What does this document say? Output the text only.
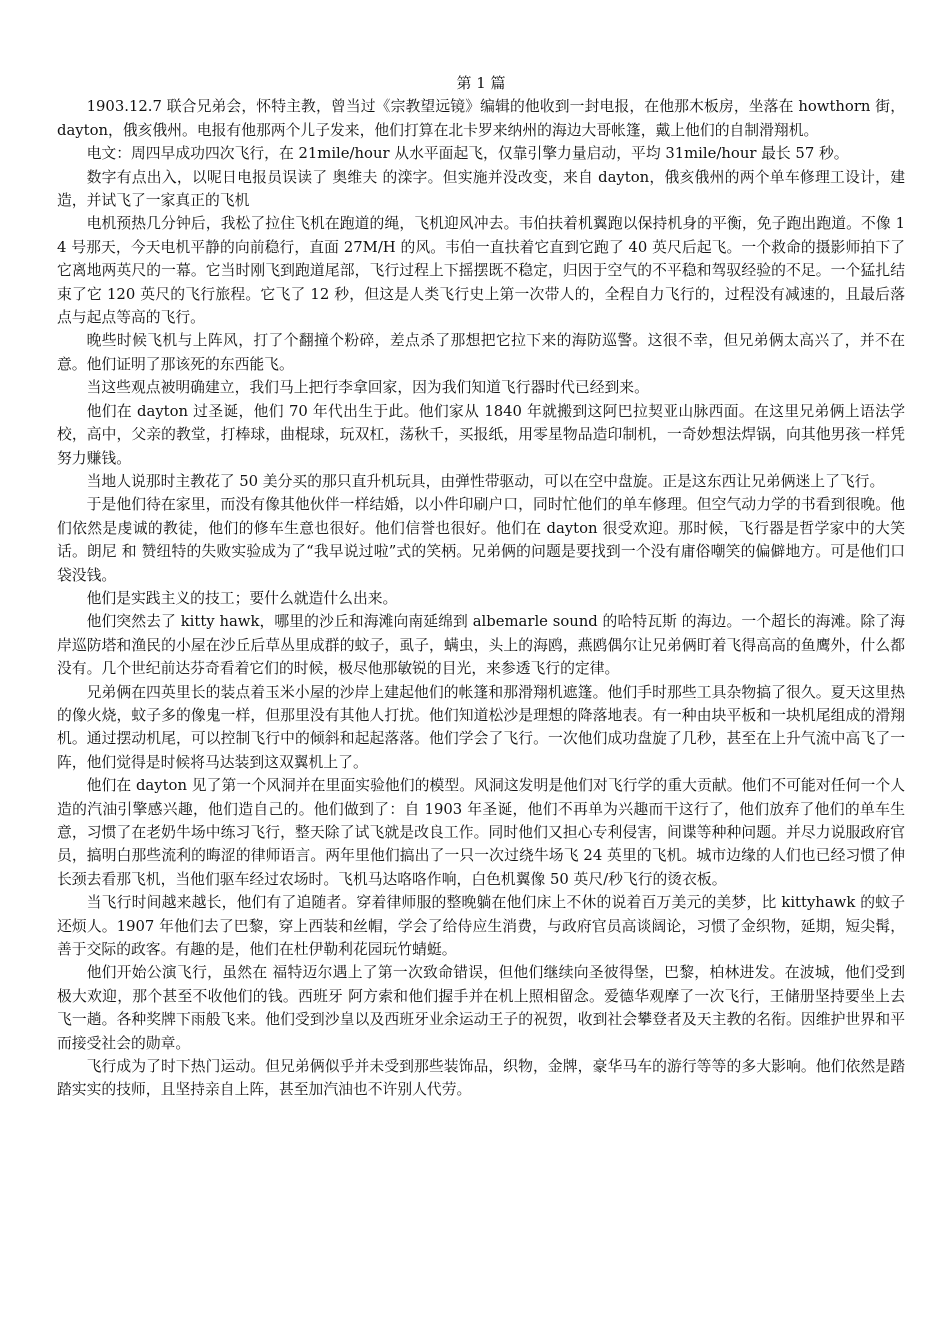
第 1 篇

1903.12.7 联合兄弟会，怀特主教，曾当过《宗教望远镜》编辑的他收到一封电报，在他那木板房，坐落在 howthorn 街，dayton，俄亥俄州。电报有他那两个儿子发来，他们打算在北卡罗来纳州的海边大哥帐篷，戴上他们的自制滑翔机。

电文：周四早成功四次飞行，在 21mile/hour 从水平面起飞，仅靠引擎力量启动，平均 31mile/hour 最长 57 秒。

数字有点出入，以呢日电报员误读了 奥维夫 的滦字。但实施并没改变，来自 dayton，俄亥俄州的两个单车修理工设计，建造，并试飞了一家真正的飞机

电机预热几分钟后，我松了拉住飞机在跑道的绳，飞机迎风冲去。韦伯扶着机翼跑以保持机身的平衡，免子跑出跑道。不像 14 号那天，今天电机平静的向前稳行，直面 27M/H 的风。韦伯一直扶着它直到它跑了 40 英尺后起飞。一个救命的摄影师拍下了它离地两英尺的一幕。它当时刚飞到跑道尾部，飞行过程上下摇摆既不稳定，归因于空气的不平稳和驾驭经验的不足。一个猛扎结束了它 120 英尺的飞行旅程。它飞了 12 秒，但这是人类飞行史上第一次带人的，全程自力飞行的，过程没有减速的，且最后落点与起点等高的飞行。

晚些时候飞机与上阵风，打了个翻撞个粉碎，差点杀了那想把它拉下来的海防巡警。这很不幸，但兄弟俩太高兴了，并不在意。他们证明了那该死的东西能飞。

当这些观点被明确建立，我们马上把行李拿回家，因为我们知道飞行器时代已经到来。

他们在 dayton 过圣诞，他们 70 年代出生于此。他们家从 1840 年就搬到这阿巴拉契亚山脉西面。在这里兄弟俩上语法学校，高中，父亲的教堂，打棒球，曲棍球，玩双杠，荡秋千，买报纸，用零星物品造印制机，一奇妙想法焊锅，向其他男孩一样凭努力赚钱。

当地人说那时主教花了 50 美分买的那只直升机玩具，由弹性带驱动，可以在空中盘旋。正是这东西让兄弟俩迷上了飞行。

于是他们待在家里，而没有像其他伙伴一样结婚，以小件印刷户口，同时忙他们的单车修理。但空气动力学的书看到很晚。他们依然是虔诚的教徒，他们的修车生意也很好。他们信誉也很好。他们在 dayton 很受欢迎。那时候，飞行器是哲学家中的大笑话。朗尼 和 赞纽特的失败实验成为了“我早说过啦”式的笑柄。兄弟俩的问题是要找到一个没有庸俗嘲笑的偏僻地方。可是他们口袋没钱。

他们是实践主义的技工；要什么就造什么出来。

他们突然去了 kitty hawk，哪里的沙丘和海滩向南延绵到 albemarle sound 的哈特瓦斯 的海边。一个超长的海滩。除了海岸巡防塔和渔民的小屋在沙丘后草丛里成群的蚊子，虱子，螨虫，头上的海鸥，燕鸥偶尔让兄弟俩盯着飞得高高的鱼鹰外，什么都没有。几个世纪前达芬奇看着它们的时候，极尽他那敏锐的目光，来参透飞行的定律。

兄弟俩在四英里长的装点着玉米小屋的沙岸上建起他们的帐篷和那滑翔机遮篷。他们手时那些工具杂物搞了很久。夏天这里热的像火烧，蚊子多的像鬼一样，但那里没有其他人打扰。他们知道松沙是理想的降落地表。有一种由块平板和一块机尾组成的滑翔机。通过摆动机尾，可以控制飞行中的倾斜和起起落落。他们学会了飞行。一次他们成功盘旋了几秒，甚至在上升气流中高飞了一阵，他们觉得是时候将马达装到这双翼机上了。

他们在 dayton 见了第一个风洞并在里面实验他们的模型。风洞这发明是他们对飞行学的重大贡献。他们不可能对任何一个人造的汽油引擎感兴趣，他们造自己的。他们做到了：自 1903 年圣诞，他们不再单为兴趣而干这行了，他们放弃了他们的单车生意，习惯了在老奶牛场中练习飞行，整天除了试飞就是改良工作。同时他们又担心专利侵害，间谍等种种问题。并尽力说服政府官员，搞明白那些流利的晦涩的律师语言。两年里他们搞出了一只一次过绕牛场飞 24 英里的飞机。城市边缘的人们也已经习惯了伸长颈去看那飞机，当他们驱车经过农场时。飞机马达咯咯作响，白色机翼像 50 英尺/秒飞行的烫衣板。

当飞行时间越来越长，他们有了追随者。穿着律师服的整晚躺在他们床上不休的说着百万美元的美梦，比 kittyhawk 的蚊子还烦人。1907 年他们去了巴黎，穿上西装和丝帽，学会了给侍应生消费，与政府官员高谈阔论，习惯了金织物，延期，短尖髯，善于交际的政客。有趣的是，他们在杜伊勒利花园玩竹蜻蜓。

他们开始公演飞行，虽然在 福特迈尔遇上了第一次致命错误，但他们继续向圣彼得堡，巴黎，柏林进发。在波城，他们受到极大欢迎，那个甚至不收他们的钱。西班牙 阿方索和他们握手并在机上照相留念。爱德华观摩了一次飞行，王储册坚持要坐上去飞一趟。各种奖牌下雨般飞来。他们受到沙皇以及西班牙业余运动王子的祝贺，收到社会攀登者及天主教的名衔。因维护世界和平而接受社会的勋章。

飞行成为了时下热门运动。但兄弟俩似乎并未受到那些装饰品，织物，金牌，豪华马车的游行等等的多大影响。他们依然是踏踏实实的技师，且坚持亲自上阵，甚至加汽油也不许别人代劳。
